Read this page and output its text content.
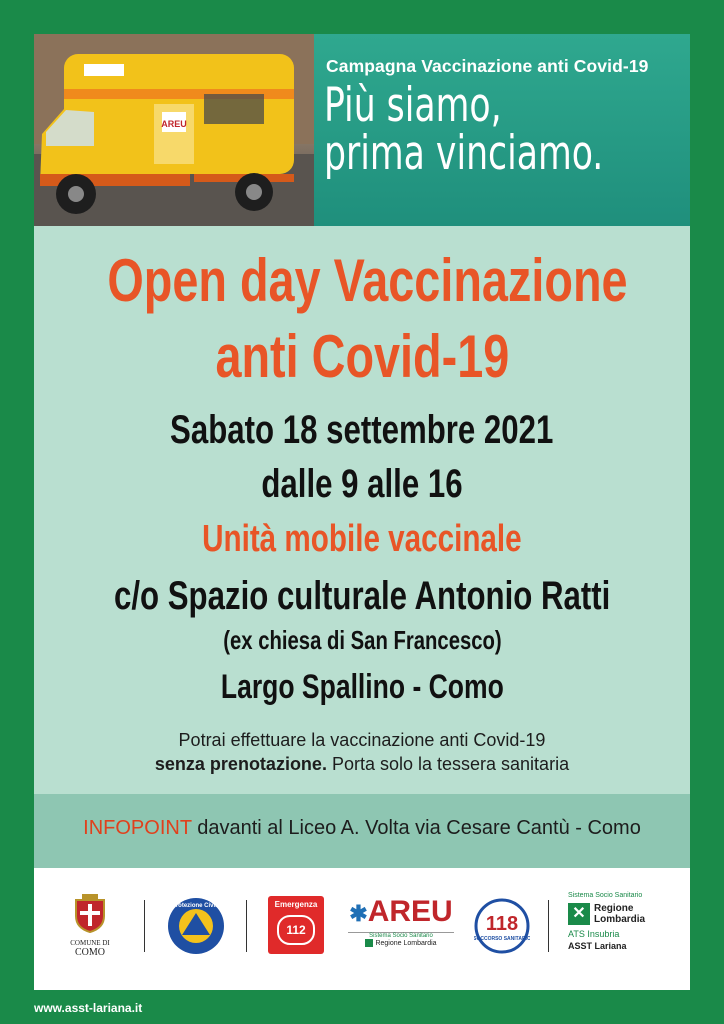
AREU
Campagna Vaccinazione anti Covid-19
Più siamo,
prima vinciamo.
Open day Vaccinazione
anti Covid-19
Sabato 18 settembre 2021
dalle 9 alle 16
Unità mobile vaccinale
c/o Spazio culturale Antonio Ratti
(ex chiesa di San Francesco)
Largo Spallino - Como
Potrai effettuare la vaccinazione anti Covid-19
senza prenotazione. Porta solo la tessera sanitaria
INFOPOINT davanti al Liceo A. Volta via Cesare Cantù - Como
COMUNE DI
COMO
Protezione Civile	Emergenza
112
✱AREU
Sistema Socio Sanitario
Regione Lombardia
118
SOCCORSO SANITARIO
Sistema Socio Sanitario
✕ Regione
Lombardia
ATS Insubria
ASST Lariana
www.asst-lariana.it
